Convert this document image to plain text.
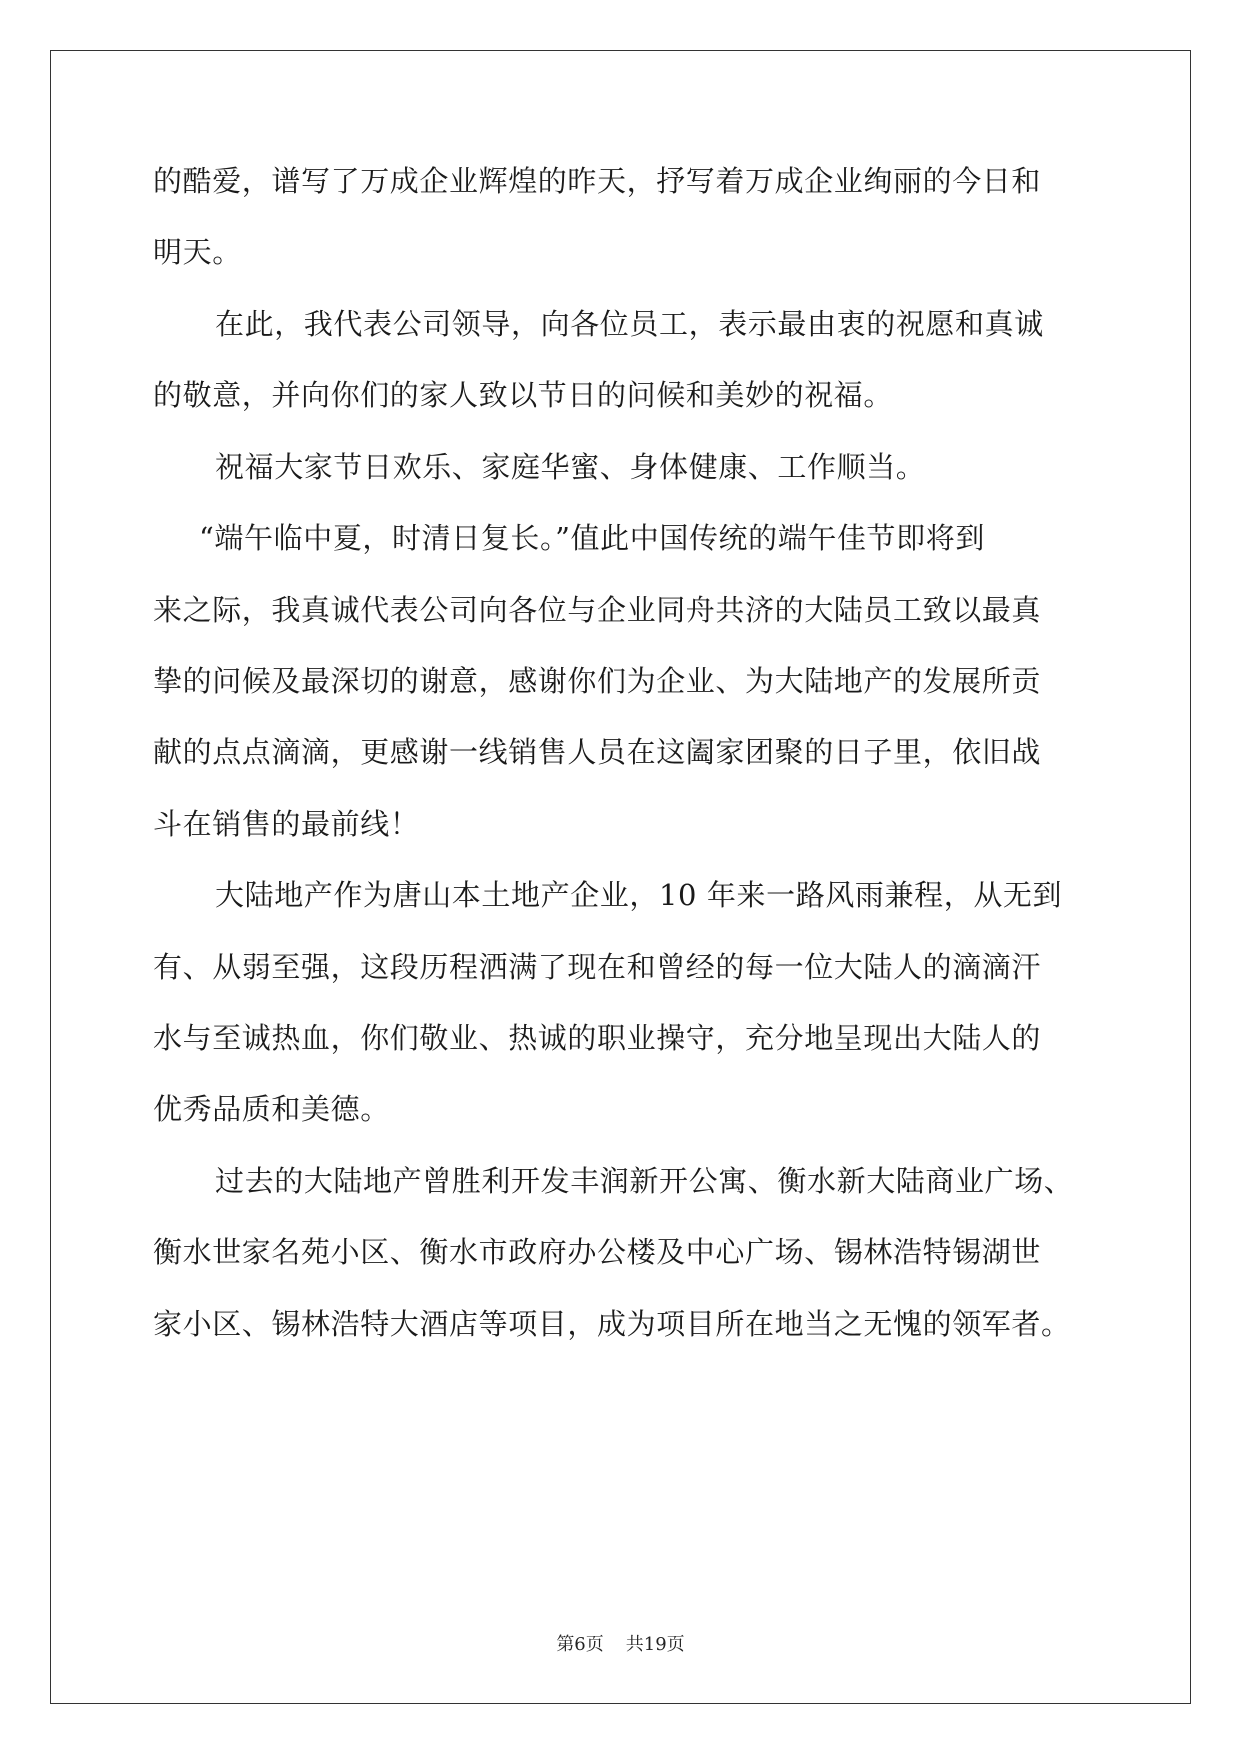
的酷爱，谱写了万成企业辉煌的昨天，抒写着万成企业绚丽的今日和
明天。
在此，我代表公司领导，向各位员工，表示最由衷的祝愿和真诚
的敬意，并向你们的家人致以节日的问候和美妙的祝福。
祝福大家节日欢乐、家庭华蜜、身体健康、工作顺当。
“端午临中夏，时清日复长。”值此中国传统的端午佳节即将到
来之际，我真诚代表公司向各位与企业同舟共济的大陆员工致以最真
挚的问候及最深切的谢意，感谢你们为企业、为大陆地产的发展所贡
献的点点滴滴，更感谢一线销售人员在这阖家团聚的日子里，依旧战
斗在销售的最前线！
大陆地产作为唐山本土地产企业，10 年来一路风雨兼程，从无到
有、从弱至强，这段历程洒满了现在和曾经的每一位大陆人的滴滴汗
水与至诚热血，你们敬业、热诚的职业操守，充分地呈现出大陆人的
优秀品质和美德。
过去的大陆地产曾胜利开发丰润新开公寓、衡水新大陆商业广场、
衡水世家名苑小区、衡水市政府办公楼及中心广场、锡林浩特锡湖世
家小区、锡林浩特大酒店等项目，成为项目所在地当之无愧的领军者。
第6页 共19页
